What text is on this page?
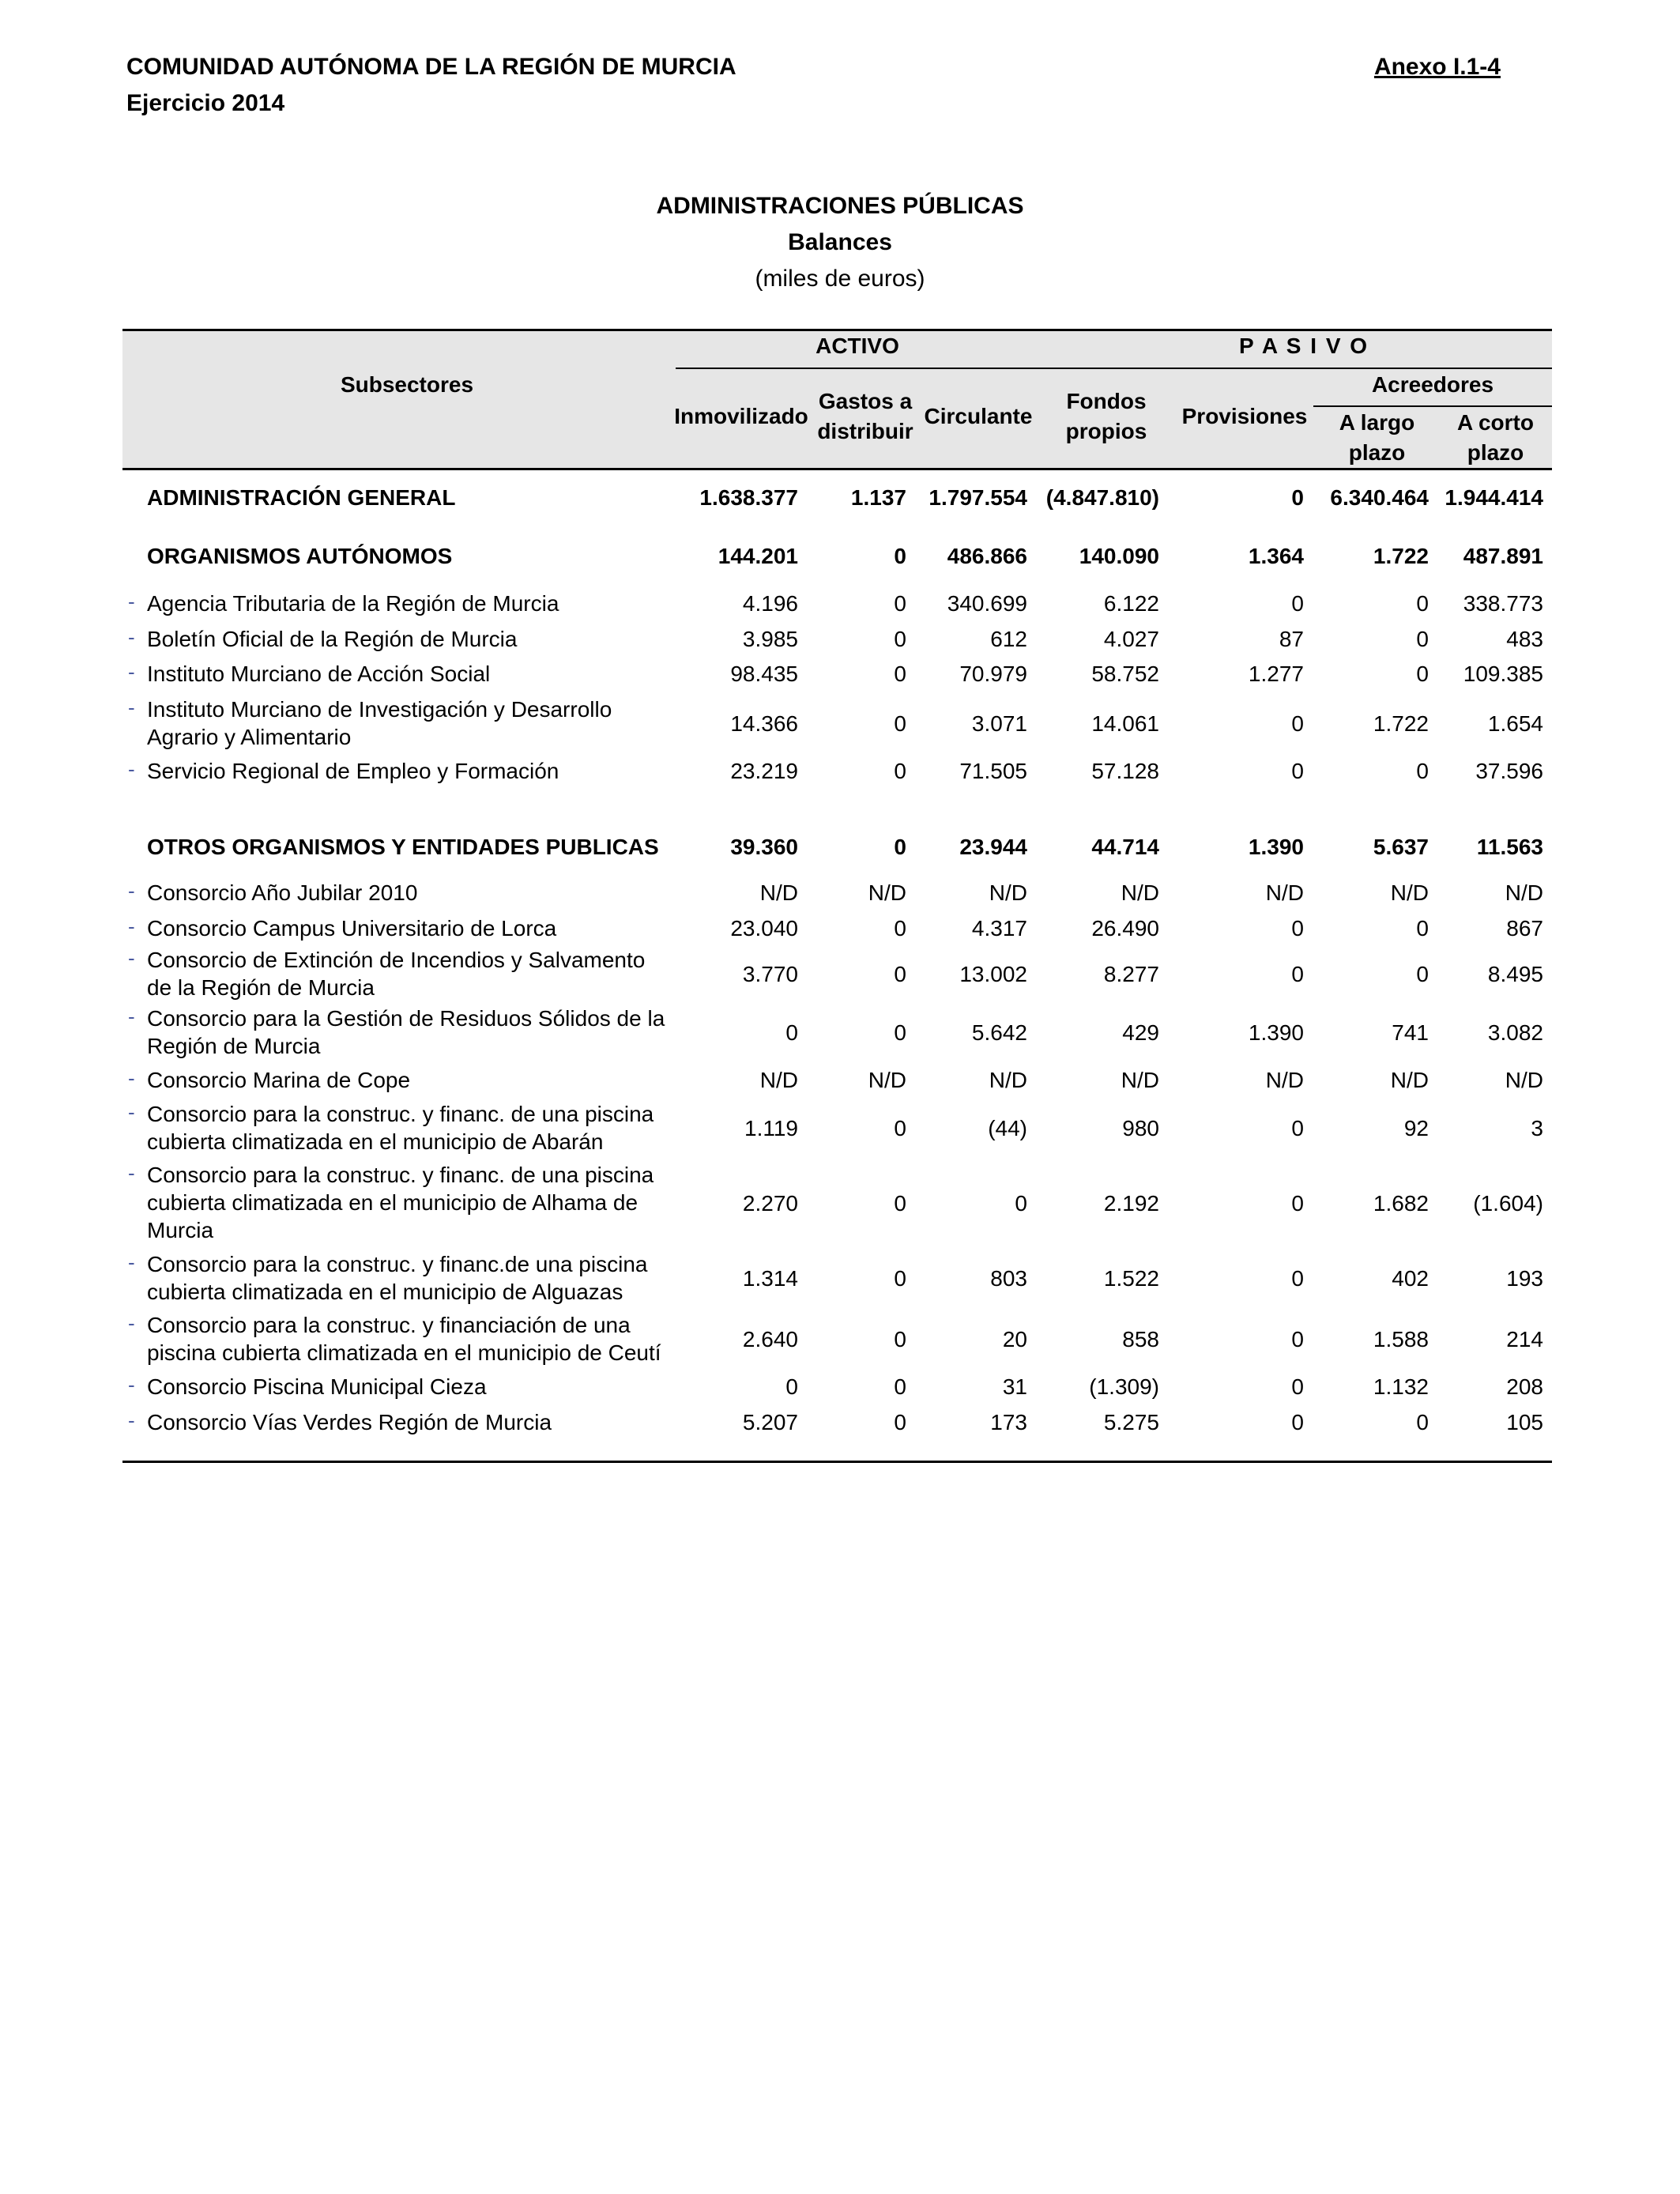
COMUNIDAD AUTÓNOMA DE LA REGIÓN DE MURCIA
Ejercicio 2014
Anexo I.1-4
ADMINISTRACIONES PÚBLICAS
Balances
(miles de euros)
Subsectores
ACTIVO	P A S I V O
Inmovilizado
Gastos a
distribuir
Circulante
Fondos
propios
Provisiones
Acreedores
A largo
plazo
A corto
plazo
ADMINISTRACIÓN GENERAL	1.638.377	1.137	1.797.554 (4.847.810)	0	6.340.464 1.944.414
ORGANISMOS AUTÓNOMOS	144.201	0	486.866	140.090	1.364	1.722	487.891
- Agencia Tributaria de la Región de Murcia	4.196	0	340.699	6.122	0	0	338.773
- Boletín Oficial de la Región de Murcia	3.985	0	612	4.027	87	0	483
- Instituto Murciano de Acción Social	98.435	0	70.979	58.752	1.277	0	109.385
- Instituto Murciano de Investigación y Desarrollo Agrario y Alimentario
14.366	0	3.071	14.061	0	1.722	1.654
- Servicio Regional de Empleo y Formación	23.219	0	71.505	57.128	0	0	37.596
OTROS ORGANISMOS Y ENTIDADES PUBLICAS	39.360	0	23.944	44.714	1.390	5.637	11.563
- Consorcio Año Jubilar 2010	N/D	N/D	N/D	N/D	N/D	N/D	N/D
- Consorcio Campus Universitario de Lorca	23.040	0	4.317	26.490	0	0	867
- Consorcio de Extinción de Incendios y Salvamento de la Región de Murcia
3.770	0	13.002	8.277	0	0	8.495
- Consorcio para la Gestión de Residuos Sólidos de la Región de Murcia
0	0	5.642	429	1.390	741	3.082
- Consorcio Marina de Cope	N/D	N/D	N/D	N/D	N/D	N/D	N/D
- Consorcio para la construc. y financ. de una piscina cubierta climatizada en el municipio de Abarán
1.119	0	(44)	980	0	92	3
- Consorcio para la construc. y financ. de una piscina cubierta climatizada en el municipio de Alhama de Murcia
2.270	0	0	2.192	0	1.682	(1.604)
- Consorcio para la construc. y financ.de una piscina cubierta climatizada en el municipio de Alguazas
1.314	0	803	1.522	0	402	193
- Consorcio para la construc. y financiación de una piscina cubierta climatizada en el municipio de Ceutí
2.640	0	20	858	0	1.588	214
- Consorcio Piscina Municipal Cieza	0	0	31	(1.309)	0	1.132	208
- Consorcio Vías Verdes Región de Murcia	5.207	0	173	5.275	0	0	105
